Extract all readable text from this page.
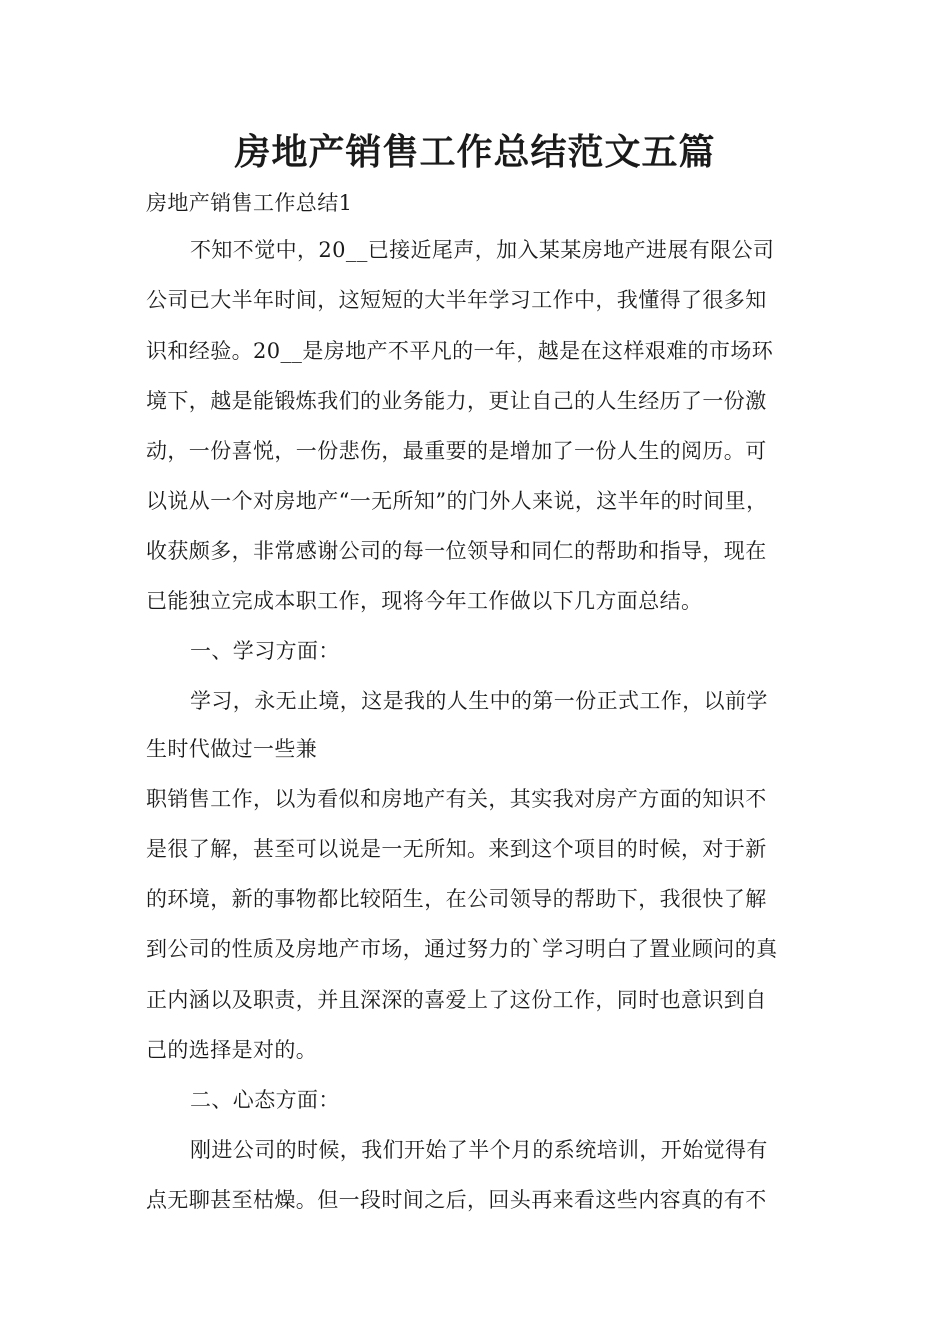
房地产销售工作总结范文五篇
房地产销售工作总结1
不知不觉中，20__已接近尾声，加入某某房地产进展有限公司
公司已大半年时间，这短短的大半年学习工作中，我懂得了很多知
识和经验。20__是房地产不平凡的一年，越是在这样艰难的市场环
境下，越是能锻炼我们的业务能力，更让自己的人生经历了一份激
动，一份喜悦，一份悲伤，最重要的是增加了一份人生的阅历。可
以说从一个对房地产“一无所知”的门外人来说，这半年的时间里，
收获颇多，非常感谢公司的每一位领导和同仁的帮助和指导，现在
已能独立完成本职工作，现将今年工作做以下几方面总结。
一、学习方面：
学习，永无止境，这是我的人生中的第一份正式工作，以前学
生时代做过一些兼
职销售工作，以为看似和房地产有关，其实我对房产方面的知识不
是很了解，甚至可以说是一无所知。来到这个项目的时候，对于新
的环境，新的事物都比较陌生，在公司领导的帮助下，我很快了解
到公司的性质及房地产市场，通过努力的`学习明白了置业顾问的真
正内涵以及职责，并且深深的喜爱上了这份工作，同时也意识到自
己的选择是对的。
二、心态方面：
刚进公司的时候，我们开始了半个月的系统培训，开始觉得有
点无聊甚至枯燥。但一段时间之后，回头再来看这些内容真的有不
